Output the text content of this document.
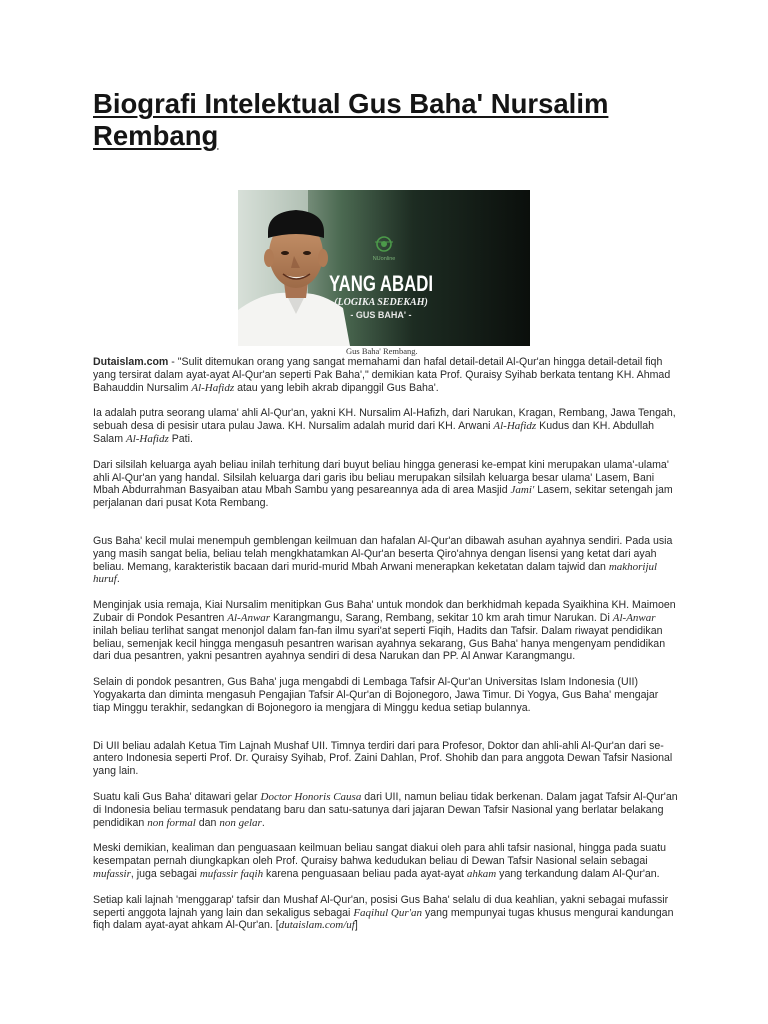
Biografi Intelektual Gus Baha' Nursalim Rembang
NUonline
YANG ABADI
(LOGIKA SEDEKAH)
- GUS BAHA' -
Gus Baha' Rembang.

Dutaislam.com - "Sulit ditemukan orang yang sangat memahami dan hafal detail-detail Al-Qur'an hingga detail-detail fiqh yang tersirat dalam ayat-ayat Al-Qur'an seperti Pak Baha'," demikian kata Prof. Quraisy Syihab berkata tentang KH. Ahmad Bahauddin Nursalim Al-Hafidz atau yang lebih akrab dipanggil Gus Baha'.

Ia adalah putra seorang ulama' ahli Al-Qur'an, yakni KH. Nursalim Al-Hafizh, dari Narukan, Kragan, Rembang, Jawa Tengah, sebuah desa di pesisir utara pulau Jawa. KH. Nursalim adalah murid dari KH. Arwani Al-Hafidz Kudus dan KH. Abdullah Salam Al-Hafidz Pati.

Dari silsilah keluarga ayah beliau inilah terhitung dari buyut beliau hingga generasi ke-empat kini merupakan ulama'-ulama' ahli Al-Qur'an yang handal. Silsilah keluarga dari garis ibu beliau merupakan silsilah keluarga besar ulama' Lasem, Bani Mbah Abdurrahman Basyaiban atau Mbah Sambu yang pesareannya ada di area Masjid Jami' Lasem, sekitar setengah jam perjalanan dari pusat Kota Rembang.

Gus Baha' kecil mulai menempuh gemblengan keilmuan dan hafalan Al-Qur'an dibawah asuhan ayahnya sendiri. Pada usia yang masih sangat belia, beliau telah mengkhatamkan Al-Qur'an beserta Qiro'ahnya dengan lisensi yang ketat dari ayah beliau. Memang, karakteristik bacaan dari murid-murid Mbah Arwani menerapkan keketatan dalam tajwid dan makhorijul huruf.

Menginjak usia remaja, Kiai Nursalim menitipkan Gus Baha' untuk mondok dan berkhidmah kepada Syaikhina KH. Maimoen Zubair di Pondok Pesantren Al-Anwar Karangmangu, Sarang, Rembang, sekitar 10 km arah timur Narukan. Di Al-Anwar inilah beliau terlihat sangat menonjol dalam fan-fan ilmu syari'at seperti Fiqih, Hadits dan Tafsir. Dalam riwayat pendidikan beliau, semenjak kecil hingga mengasuh pesantren warisan ayahnya sekarang, Gus Baha' hanya mengenyam pendidikan dari dua pesantren, yakni pesantren ayahnya sendiri di desa Narukan dan PP. Al Anwar Karangmangu.

Selain di pondok pesantren, Gus Baha' juga mengabdi di Lembaga Tafsir Al-Qur'an Universitas Islam Indonesia (UII) Yogyakarta dan diminta mengasuh Pengajian Tafsir Al-Qur'an di Bojonegoro, Jawa Timur. Di Yogya, Gus Baha' mengajar tiap Minggu terakhir, sedangkan di Bojonegoro ia mengjara di Minggu kedua setiap bulannya.

Di UII beliau adalah Ketua Tim Lajnah Mushaf UII. Timnya terdiri dari para Profesor, Doktor dan ahli-ahli Al-Qur'an dari se-antero Indonesia seperti Prof. Dr. Quraisy Syihab, Prof. Zaini Dahlan, Prof. Shohib dan para anggota Dewan Tafsir Nasional yang lain.

Suatu kali Gus Baha' ditawari gelar Doctor Honoris Causa dari UII, namun beliau tidak berkenan. Dalam jagat Tafsir Al-Qur'an di Indonesia beliau termasuk pendatang baru dan satu-satunya dari jajaran Dewan Tafsir Nasional yang berlatar belakang pendidikan non formal dan non gelar.

Meski demikian, kealiman dan penguasaan keilmuan beliau sangat diakui oleh para ahli tafsir nasional, hingga pada suatu kesempatan pernah diungkapkan oleh Prof. Quraisy bahwa kedudukan beliau di Dewan Tafsir Nasional selain sebagai mufassir, juga sebagai mufassir faqih karena penguasaan beliau pada ayat-ayat ahkam yang terkandung dalam Al-Qur'an.

Setiap kali lajnah 'menggarap' tafsir dan Mushaf Al-Qur'an, posisi Gus Baha' selalu di dua keahlian, yakni sebagai mufassir seperti anggota lajnah yang lain dan sekaligus sebagai Faqihul Qur'an yang mempunyai tugas khusus mengurai kandungan fiqh dalam ayat-ayat ahkam Al-Qur'an. [dutaislam.com/uf]
